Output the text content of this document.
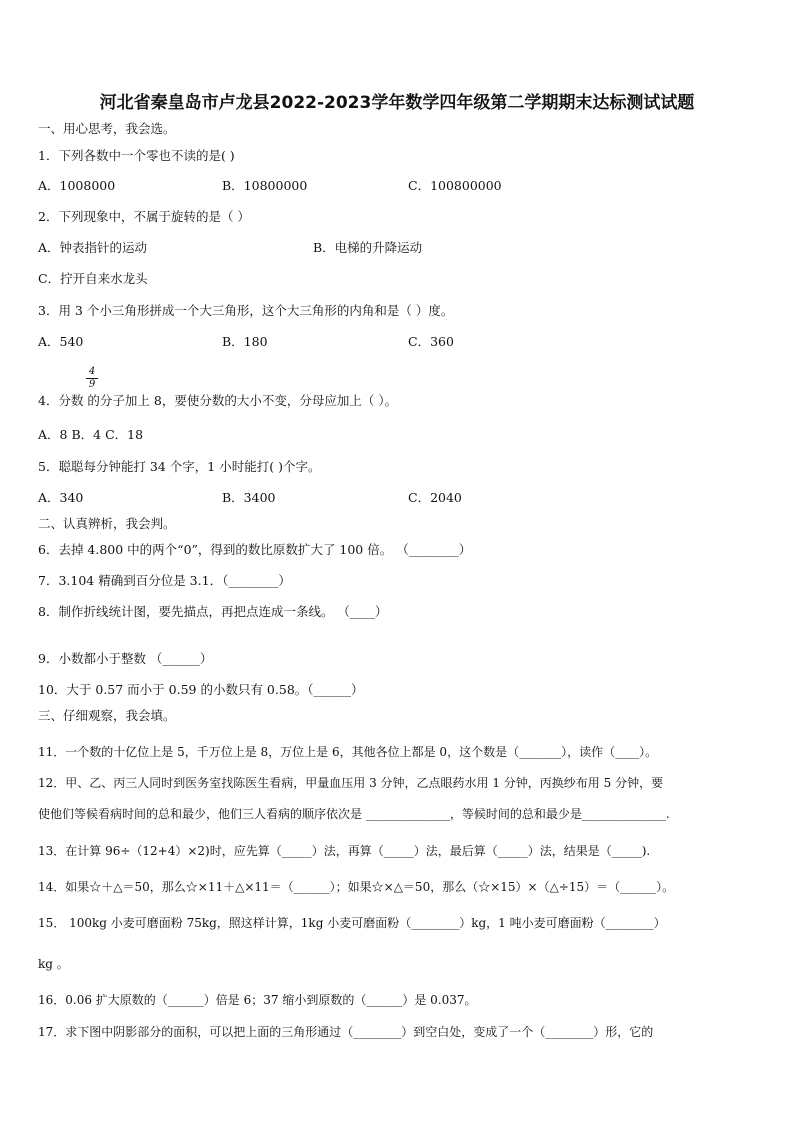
河北省秦皇岛市卢龙县2022-2023学年数学四年级第二学期期末达标测试试题
一、用心思考，我会选。
1．下列各数中一个零也不读的是( )
A．1008000	B．10800000	C．100800000
2．下列现象中，不属于旋转的是（ ）
A．钟表指针的运动	B．电梯的升降运动
C．拧开自来水龙头
3．用 3 个小三角形拼成一个大三角形，这个大三角形的内角和是（ ）度。
A．540	B．180	C．360
4
9
4．分数 的分子加上 8，要使分数的大小不变，分母应加上（ ）。
A．8 B．4 C．18
5．聪聪每分钟能打 34 个字，1 小时能打( )个字。
A．340	B．3400	C．2040
二、认真辨析，我会判。
6．去掉 4.800 中的两个“0”，得到的数比原数扩大了 100 倍。 （________）
7．3.104 精确到百分位是 3.1．（________）
8．制作折线统计图，要先描点，再把点连成一条线。 （____）
9．小数都小于整数 （______）
10．大于 0.57 而小于 0.59 的小数只有 0.58。（______）
三、仔细观察，我会填。
11．一个数的十亿位上是 5，千万位上是 8，万位上是 6，其他各位上都是 0，这个数是（_______），读作（____）。
12．甲、乙、丙三人同时到医务室找陈医生看病，甲量血压用 3 分钟，乙点眼药水用 1 分钟，丙换纱布用 5 分钟，要
使他们等候看病时间的总和最少，他们三人看病的顺序依次是 ______________，等候时间的总和最少是______________.
13．在计算 96÷（12+4）×2)时，应先算（_____）法，再算（_____）法，最后算（_____）法，结果是（_____).
14．如果☆＋△＝50，那么☆×11＋△×11＝（______）；如果☆×△＝50，那么（☆×15）×（△÷15）＝（______）。
15． 100kg 小麦可磨面粉 75kg，照这样计算，1kg 小麦可磨面粉（________）kg，1 吨小麦可磨面粉（________）
kg 。
16．0.06 扩大原数的（______）倍是 6；37 缩小到原数的（______）是 0.037。
17．求下图中阴影部分的面积，可以把上面的三角形通过（________）到空白处，变成了一个（________）形，它的
